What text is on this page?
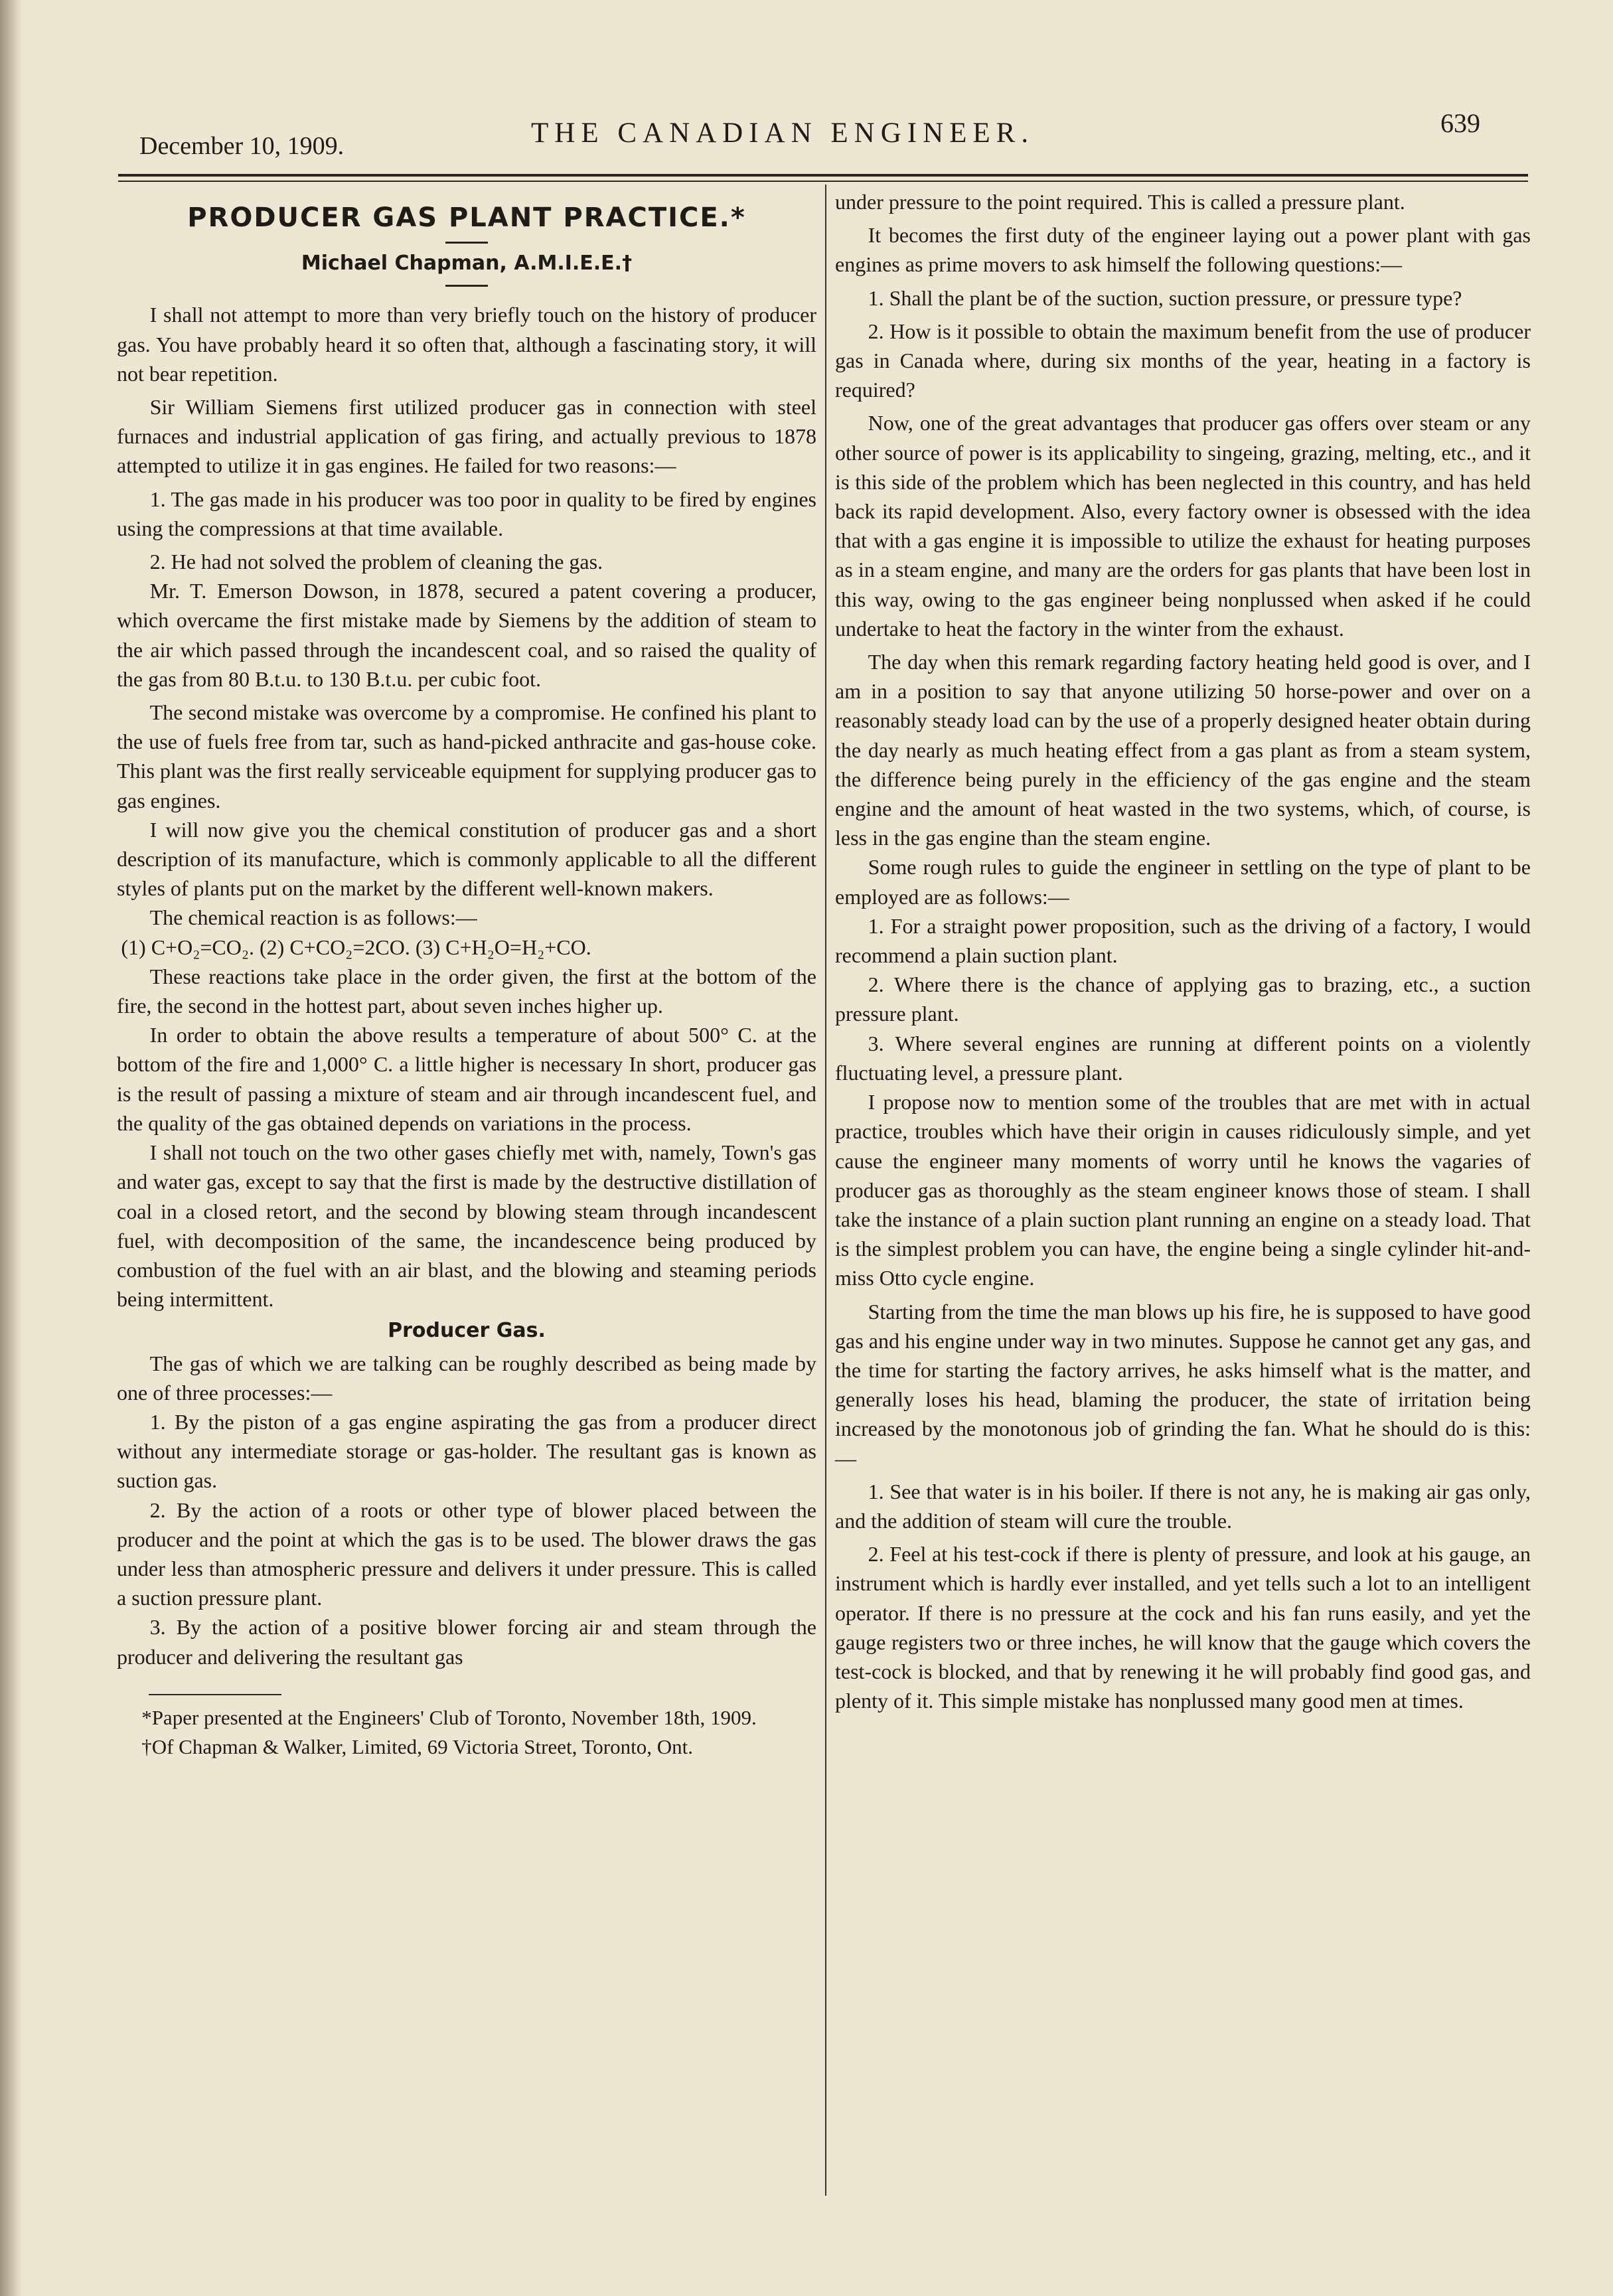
December 10, 1909.	THE CANADIAN ENGINEER.	639
PRODUCER GAS PLANT PRACTICE.*
Michael Chapman, A.M.I.E.E.†

I shall not attempt to more than very briefly touch on the history of producer gas. You have probably heard it so often that, although a fascinating story, it will not bear repetition.

Sir William Siemens first utilized producer gas in connection with steel furnaces and industrial application of gas firing, and actually previous to 1878 attempted to utilize it in gas engines. He failed for two reasons:—

1. The gas made in his producer was too poor in quality to be fired by engines using the compressions at that time available.

2. He had not solved the problem of cleaning the gas.

Mr. T. Emerson Dowson, in 1878, secured a patent covering a producer, which overcame the first mistake made by Siemens by the addition of steam to the air which passed through the incandescent coal, and so raised the quality of the gas from 80 B.t.u. to 130 B.t.u. per cubic foot.

The second mistake was overcome by a compromise. He confined his plant to the use of fuels free from tar, such as hand-picked anthracite and gas-house coke. This plant was the first really serviceable equipment for supplying producer gas to gas engines.

I will now give you the chemical constitution of producer gas and a short description of its manufacture, which is commonly applicable to all the different styles of plants put on the market by the different well-known makers.

The chemical reaction is as follows:—

(1) C+O₂=CO₂. (2) C+CO₂=2CO. (3) C+H₂O=H₂+CO.

These reactions take place in the order given, the first at the bottom of the fire, the second in the hottest part, about seven inches higher up.

In order to obtain the above results a temperature of about 500° C. at the bottom of the fire and 1,000° C. a little higher is necessary In short, producer gas is the result of passing a mixture of steam and air through incandescent fuel, and the quality of the gas obtained depends on variations in the process.

I shall not touch on the two other gases chiefly met with, namely, Town's gas and water gas, except to say that the first is made by the destructive distillation of coal in a closed retort, and the second by blowing steam through incandescent fuel, with decomposition of the same, the incandescence being produced by combustion of the fuel with an air blast, and the blowing and steaming periods being intermittent.

Producer Gas.

The gas of which we are talking can be roughly described as being made by one of three processes:—

1. By the piston of a gas engine aspirating the gas from a producer direct without any intermediate storage or gas-holder. The resultant gas is known as suction gas.

2. By the action of a roots or other type of blower placed between the producer and the point at which the gas is to be used. The blower draws the gas under less than atmospheric pressure and delivers it under pressure. This is called a suction pressure plant.

3. By the action of a positive blower forcing air and steam through the producer and delivering the resultant gas

*Paper presented at the Engineers' Club of Toronto, November 18th, 1909.

†Of Chapman & Walker, Limited, 69 Victoria Street, Toronto, Ont.

under pressure to the point required. This is called a pressure plant.

It becomes the first duty of the engineer laying out a power plant with gas engines as prime movers to ask himself the following questions:—

1. Shall the plant be of the suction, suction pressure, or pressure type?

2. How is it possible to obtain the maximum benefit from the use of producer gas in Canada where, during six months of the year, heating in a factory is required?

Now, one of the great advantages that producer gas offers over steam or any other source of power is its applicability to singeing, grazing, melting, etc., and it is this side of the problem which has been neglected in this country, and has held back its rapid development. Also, every factory owner is obsessed with the idea that with a gas engine it is impossible to utilize the exhaust for heating purposes as in a steam engine, and many are the orders for gas plants that have been lost in this way, owing to the gas engineer being nonplussed when asked if he could undertake to heat the factory in the winter from the exhaust.

The day when this remark regarding factory heating held good is over, and I am in a position to say that anyone utilizing 50 horse-power and over on a reasonably steady load can by the use of a properly designed heater obtain during the day nearly as much heating effect from a gas plant as from a steam system, the difference being purely in the efficiency of the gas engine and the steam engine and the amount of heat wasted in the two systems, which, of course, is less in the gas engine than the steam engine.

Some rough rules to guide the engineer in settling on the type of plant to be employed are as follows:—

1. For a straight power proposition, such as the driving of a factory, I would recommend a plain suction plant.

2. Where there is the chance of applying gas to brazing, etc., a suction pressure plant.

3. Where several engines are running at different points on a violently fluctuating level, a pressure plant.

I propose now to mention some of the troubles that are met with in actual practice, troubles which have their origin in causes ridiculously simple, and yet cause the engineer many moments of worry until he knows the vagaries of producer gas as thoroughly as the steam engineer knows those of steam. I shall take the instance of a plain suction plant running an engine on a steady load. That is the simplest problem you can have, the engine being a single cylinder hit-and-miss Otto cycle engine.

Starting from the time the man blows up his fire, he is supposed to have good gas and his engine under way in two minutes. Suppose he cannot get any gas, and the time for starting the factory arrives, he asks himself what is the matter, and generally loses his head, blaming the producer, the state of irritation being increased by the monotonous job of grinding the fan. What he should do is this:—

1. See that water is in his boiler. If there is not any, he is making air gas only, and the addition of steam will cure the trouble.

2. Feel at his test-cock if there is plenty of pressure, and look at his gauge, an instrument which is hardly ever installed, and yet tells such a lot to an intelligent operator. If there is no pressure at the cock and his fan runs easily, and yet the gauge registers two or three inches, he will know that the gauge which covers the test-cock is blocked, and that by renewing it he will probably find good gas, and plenty of it. This simple mistake has nonplussed many good men at times.
